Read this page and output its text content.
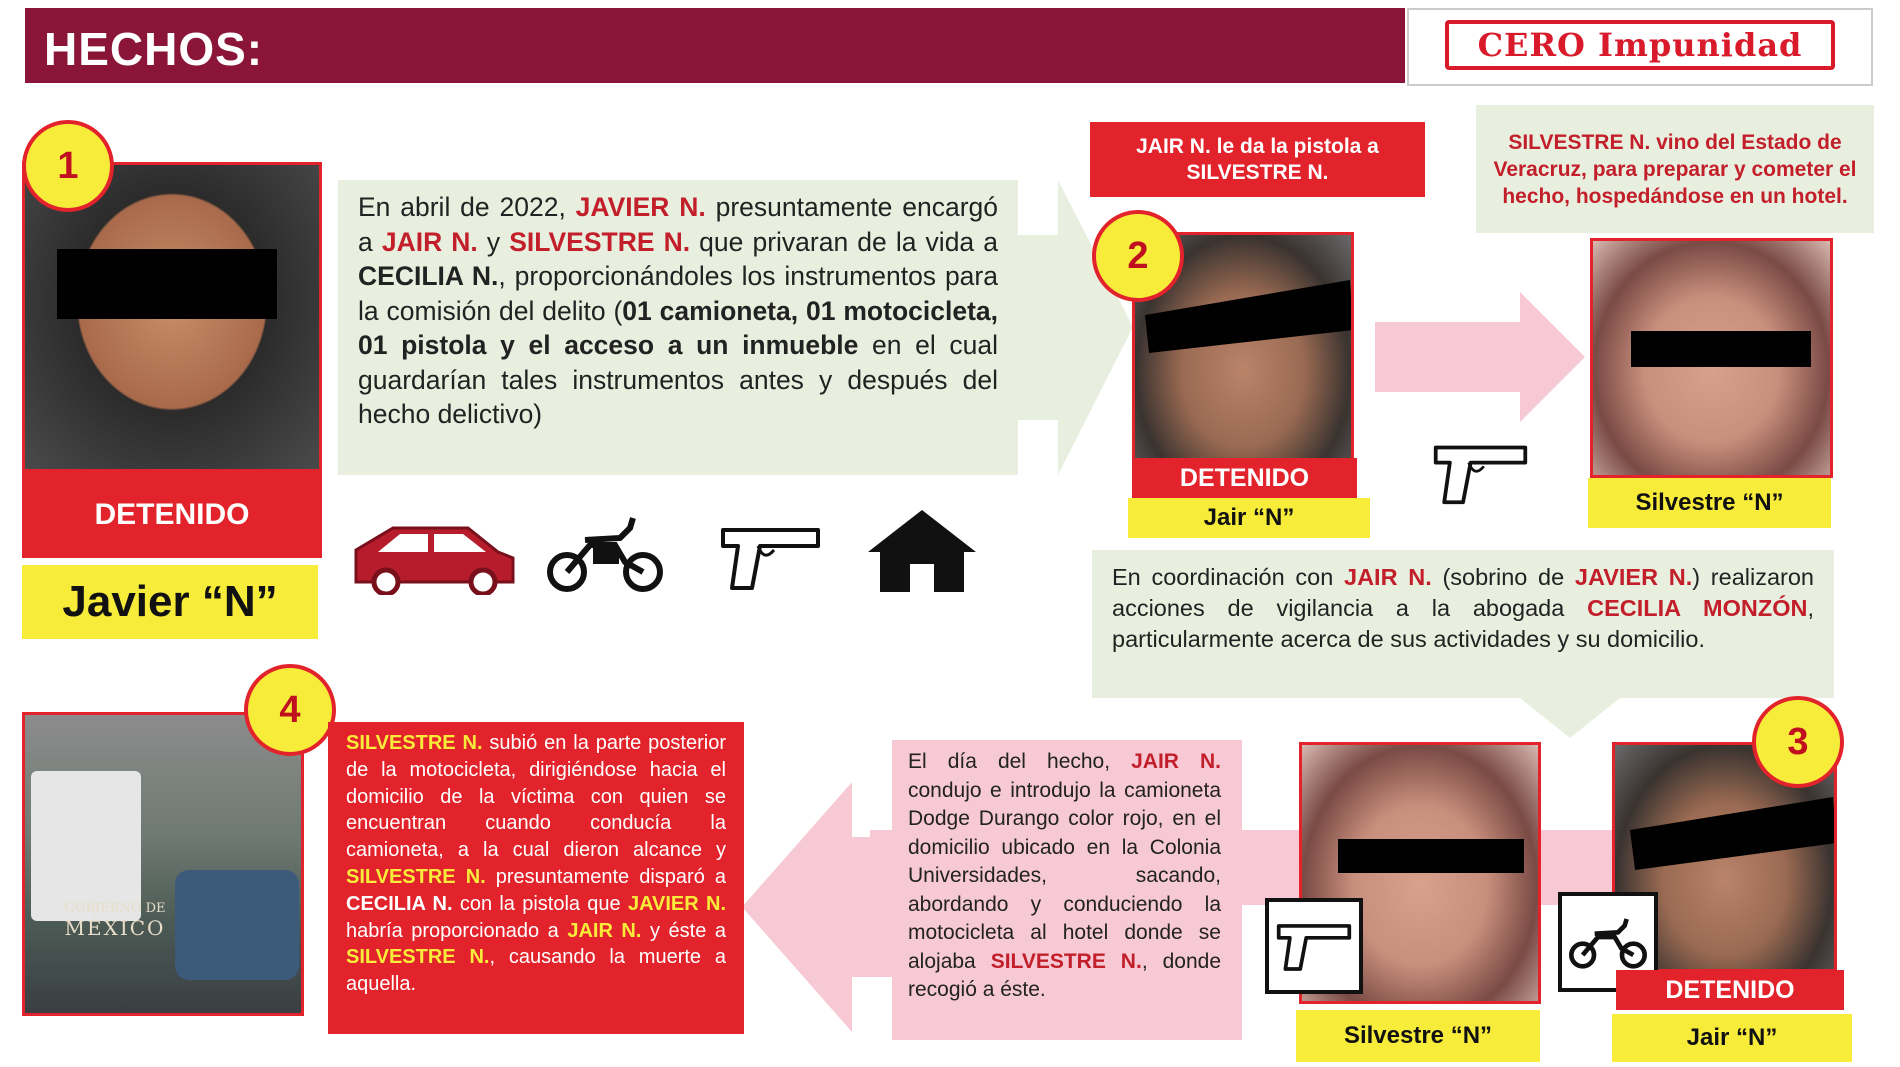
HECHOS:	CERO Impunidad
1
DETENIDO
Javier “N”
En abril de 2022, JAVIER N. presuntamente encargó a JAIR N. y SILVESTRE N. que privaran de la vida a CECILIA N., proporcionándoles los instrumentos para la comisión del delito (01 camioneta, 01 motocicleta, 01 pistola y el acceso a un inmueble en el cual guardarían tales instrumentos antes y después del hecho delictivo)
JAIR N. le da la pistola a SILVESTRE N.
SILVESTRE N. vino del Estado de Veracruz, para preparar y cometer el hecho, hospedándose en un hotel.
2
DETENIDO
Jair “N”
Silvestre “N”
En coordinación con JAIR N. (sobrino de JAVIER N.) realizaron acciones de vigilancia a la abogada CECILIA MONZÓN, particularmente acerca de sus actividades y su domicilio.
Silvestre “N”
3
DETENIDO
Jair “N”
El día del hecho, JAIR N. condujo e introdujo la camioneta Dodge Durango color rojo, en el domicilio ubicado en la Colonia Universidades, sacando, abordando y conduciendo la motocicleta al hotel donde se alojaba SILVESTRE N., donde recogió a éste.
GOBIERNO DE
MÉXICO
4
SILVESTRE N. subió en la parte posterior de la motocicleta, dirigiéndose hacia el domicilio de la víctima con quien se encuentran cuando conducía la camioneta, a la cual dieron alcance y SILVESTRE N. presuntamente disparó a CECILIA N. con la pistola que JAVIER N. habría proporcionado a JAIR N. y éste a SILVESTRE N., causando la muerte a aquella.
